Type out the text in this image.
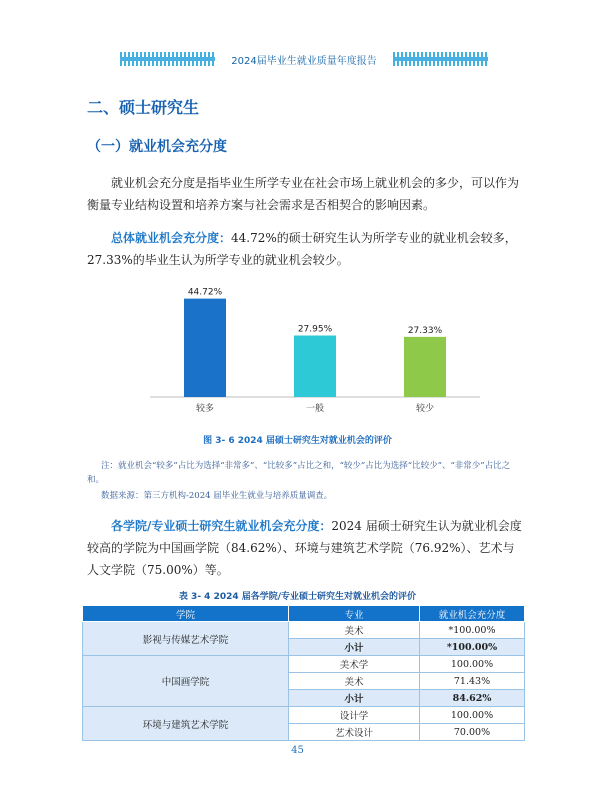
2024届毕业生就业质量年度报告
二、硕士研究生
（一）就业机会充分度
就业机会充分度是指毕业生所学专业在社会市场上就业机会的多少，可以作为衡量专业结构设置和培养方案与社会需求是否相契合的影响因素。
总体就业机会充分度：44.72%的硕士研究生认为所学专业的就业机会较多，27.33%的毕业生认为所学专业的就业机会较少。
44.72%
较多
27.95%
一般
27.33%
较少
图 3- 6 2024 届硕士研究生对就业机会的评价
注：就业机会“较多”占比为选择“非常多”、“比较多”占比之和，“较少”占比为选择“比较少”、“非常少”占比之和。
数据来源：第三方机构-2024 届毕业生就业与培养质量调查。
各学院/专业硕士研究生就业机会充分度：2024 届硕士研究生认为就业机会度较高的学院为中国画学院（84.62%）、环境与建筑艺术学院（76.92%）、艺术与人文学院（75.00%）等。
表 3- 4 2024 届各学院/专业硕士研究生对就业机会的评价
学院	专业	就业机会充分度
影视与传媒艺术学院	美术	*100.00%
	小计	*100.00%
中国画学院	美术学	100.00%
	美术	71.43%
	小计	84.62%
环境与建筑艺术学院	设计学	100.00%
	艺术设计	70.00%
45
